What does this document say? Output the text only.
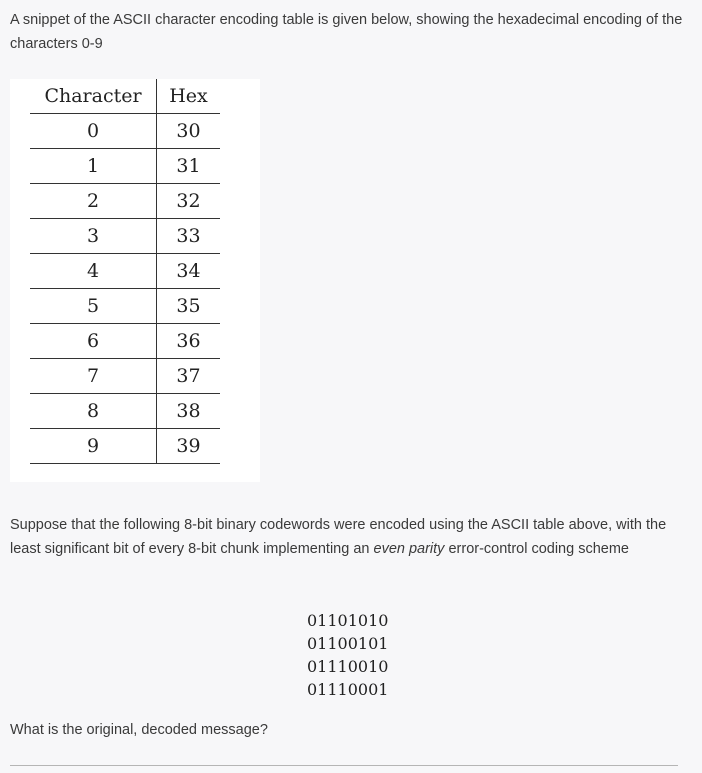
A snippet of the ASCII character encoding table is given below, showing the hexadecimal encoding of the characters 0-9
Character	Hex
0	30
1	31
2	32
3	33
4	34
5	35
6	36
7	37
8	38
9	39
Suppose that the following 8-bit binary codewords were encoded using the ASCII table above, with the least significant bit of every 8-bit chunk implementing an even parity error-control coding scheme
01101010
01100101
01110010
01110001
What is the original, decoded message?
